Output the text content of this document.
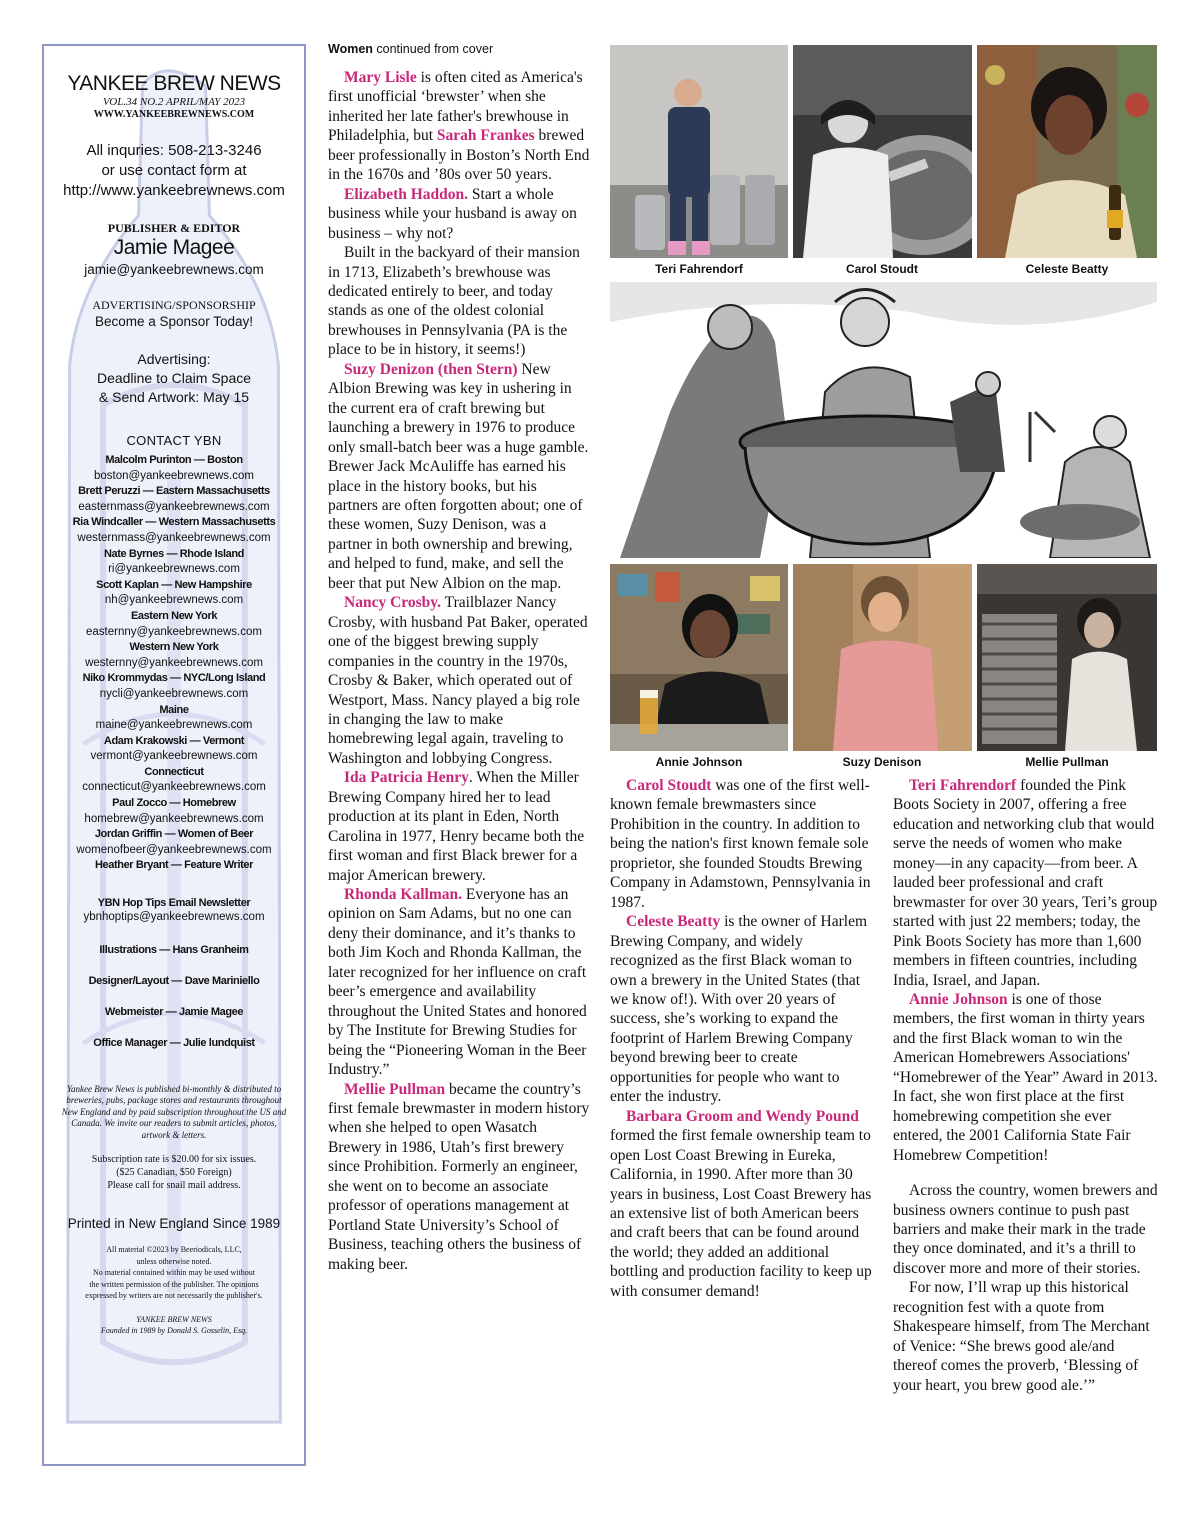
YANKEE BREW NEWS
VOL.34 NO.2 APRIL/MAY 2023
WWW.YANKEEBREWNEWS.COM
All inquries: 508-213-3246
or use contact form at
http://www.yankeebrewnews.com
PUBLISHER & EDITOR
Jamie Magee
jamie@yankeebrewnews.com
ADVERTISING/SPONSORSHIP
Become a Sponsor Today!
Advertising:
Deadline to Claim Space
& Send Artwork: May 15
CONTACT YBN
Malcolm Purinton — Boston
boston@yankeebrewnews.com
Brett Peruzzi — Eastern Massachusetts
easternmass@yankeebrewnews.com
Ria Windcaller — Western Massachusetts
westernmass@yankeebrewnews.com
Nate Byrnes — Rhode Island
ri@yankeebrewnews.com
Scott Kaplan — New Hampshire
nh@yankeebrewnews.com
Eastern New York
easternny@yankeebrewnews.com
Western New York
westernny@yankeebrewnews.com
Niko Krommydas — NYC/Long Island
nycli@yankeebrewnews.com
Maine
maine@yankeebrewnews.com
Adam Krakowski — Vermont
vermont@yankeebrewnews.com
Connecticut
connecticut@yankeebrewnews.com
Paul Zocco — Homebrew
homebrew@yankeebrewnews.com
Jordan Griffin — Women of Beer
womenofbeer@yankeebrewnews.com
Heather Bryant — Feature Writer
YBN Hop Tips Email Newsletter
ybnhoptips@yankeebrewnews.com
Illustrations — Hans Granheim
Designer/Layout — Dave Mariniello
Webmeister — Jamie Magee
Office Manager — Julie lundquist
Yankee Brew News is published bi-monthly & distributed to breweries, pubs, package stores and restaurants throughout New England and by paid subscription throughout the US and Canada. We invite our readers to submit articles, photos, artwork & letters.
Subscription rate is $20.00 for six issues.
($25 Canadian, $50 Foreign)
Please call for snail mail address.
Printed in New England Since 1989
All material ©2023 by Beeriodicals, LLC,
unless otherwise noted.
No material contained within may be used without
the written permission of the publisher. The opinions
expressed by writers are not necessarily the publisher's.
YANKEE BREW NEWS
Founded in 1989 by Donald S. Gosselin, Esq.
Women continued from cover

Mary Lisle is often cited as America's first unofficial ‘brewster’ when she inherited her late father's brewhouse in Philadelphia, but Sarah Frankes brewed beer professionally in Boston’s North End in the 1670s and ’80s over 50 years.

Elizabeth Haddon. Start a whole business while your husband is away on business – why not?

Built in the backyard of their mansion in 1713, Elizabeth’s brewhouse was dedicated entirely to beer, and today stands as one of the oldest colonial brewhouses in Pennsylvania (PA is the place to be in history, it seems!)

Suzy Denizon (then Stern) New Albion Brewing was key in ushering in the current era of craft brewing but launching a brewery in 1976 to produce only small-batch beer was a huge gamble. Brewer Jack McAuliffe has earned his place in the history books, but his partners are often forgotten about; one of these women, Suzy Denison, was a partner in both ownership and brewing, and helped to fund, make, and sell the beer that put New Albion on the map.

Nancy Crosby. Trailblazer Nancy Crosby, with husband Pat Baker, operated one of the biggest brewing supply companies in the country in the 1970s, Crosby & Baker, which operated out of Westport, Mass. Nancy played a big role in changing the law to make homebrewing legal again, traveling to Washington and lobbying Congress.

Ida Patricia Henry. When the Miller Brewing Company hired her to lead production at its plant in Eden, North Carolina in 1977, Henry became both the first woman and first Black brewer for a major American brewery.

Rhonda Kallman. Everyone has an opinion on Sam Adams, but no one can deny their dominance, and it’s thanks to both Jim Koch and Rhonda Kallman, the later recognized for her influence on craft beer’s emergence and availability throughout the United States and honored by The Institute for Brewing Studies for being the “Pioneering Woman in the Beer Industry.”

Mellie Pullman became the country’s first female brewmaster in modern history when she helped to open Wasatch Brewery in 1986, Utah’s first brewery since Prohibition. Formerly an engineer, she went on to become an associate professor of operations management at Portland State University’s School of Business, teaching others the business of making beer.

Carol Stoudt was one of the first well-known female brewmasters since Prohibition in the country. In addition to being the nation's first known female sole proprietor, she founded Stoudts Brewing Company in Adamstown, Pennsylvania in 1987.

Celeste Beatty is the owner of Harlem Brewing Company, and widely recognized as the first Black woman to own a brewery in the United States (that we know of!). With over 20 years of success, she’s working to expand the footprint of Harlem Brewing Company beyond brewing beer to create opportunities for people who want to enter the industry.

Barbara Groom and Wendy Pound formed the first female ownership team to open Lost Coast Brewing in Eureka, California, in 1990. After more than 30 years in business, Lost Coast Brewery has an extensive list of both American beers and craft beers that can be found around the world; they added an additional bottling and production facility to keep up with consumer demand!

Teri Fahrendorf founded the Pink Boots Society in 2007, offering a free education and networking club that would serve the needs of women who make money—in any capacity—from beer. A lauded beer professional and craft brewmaster for over 30 years, Teri’s group started with just 22 members; today, the Pink Boots Society has more than 1,600 members in fifteen countries, including India, Israel, and Japan.

Annie Johnson is one of those members, the first woman in thirty years and the first Black woman to win the American Homebrewers Associations' “Homebrewer of the Year” Award in 2013. In fact, she won first place at the first homebrewing competition she ever entered, the 2001 California State Fair Homebrew Competition!

Across the country, women brewers and business owners continue to push past barriers and make their mark in the trade they once dominated, and it’s a thrill to discover more and more of their stories.

For now, I’ll wrap up this historical recognition fest with a quote from Shakespeare himself, from The Merchant of Venice: “She brews good ale/and thereof comes the proverb, ‘Blessing of your heart, you brew good ale.’”

Teri Fahrendorf	Carol Stoudt	Celeste Beatty
Annie Johnson	Suzy Denison	Mellie Pullman
